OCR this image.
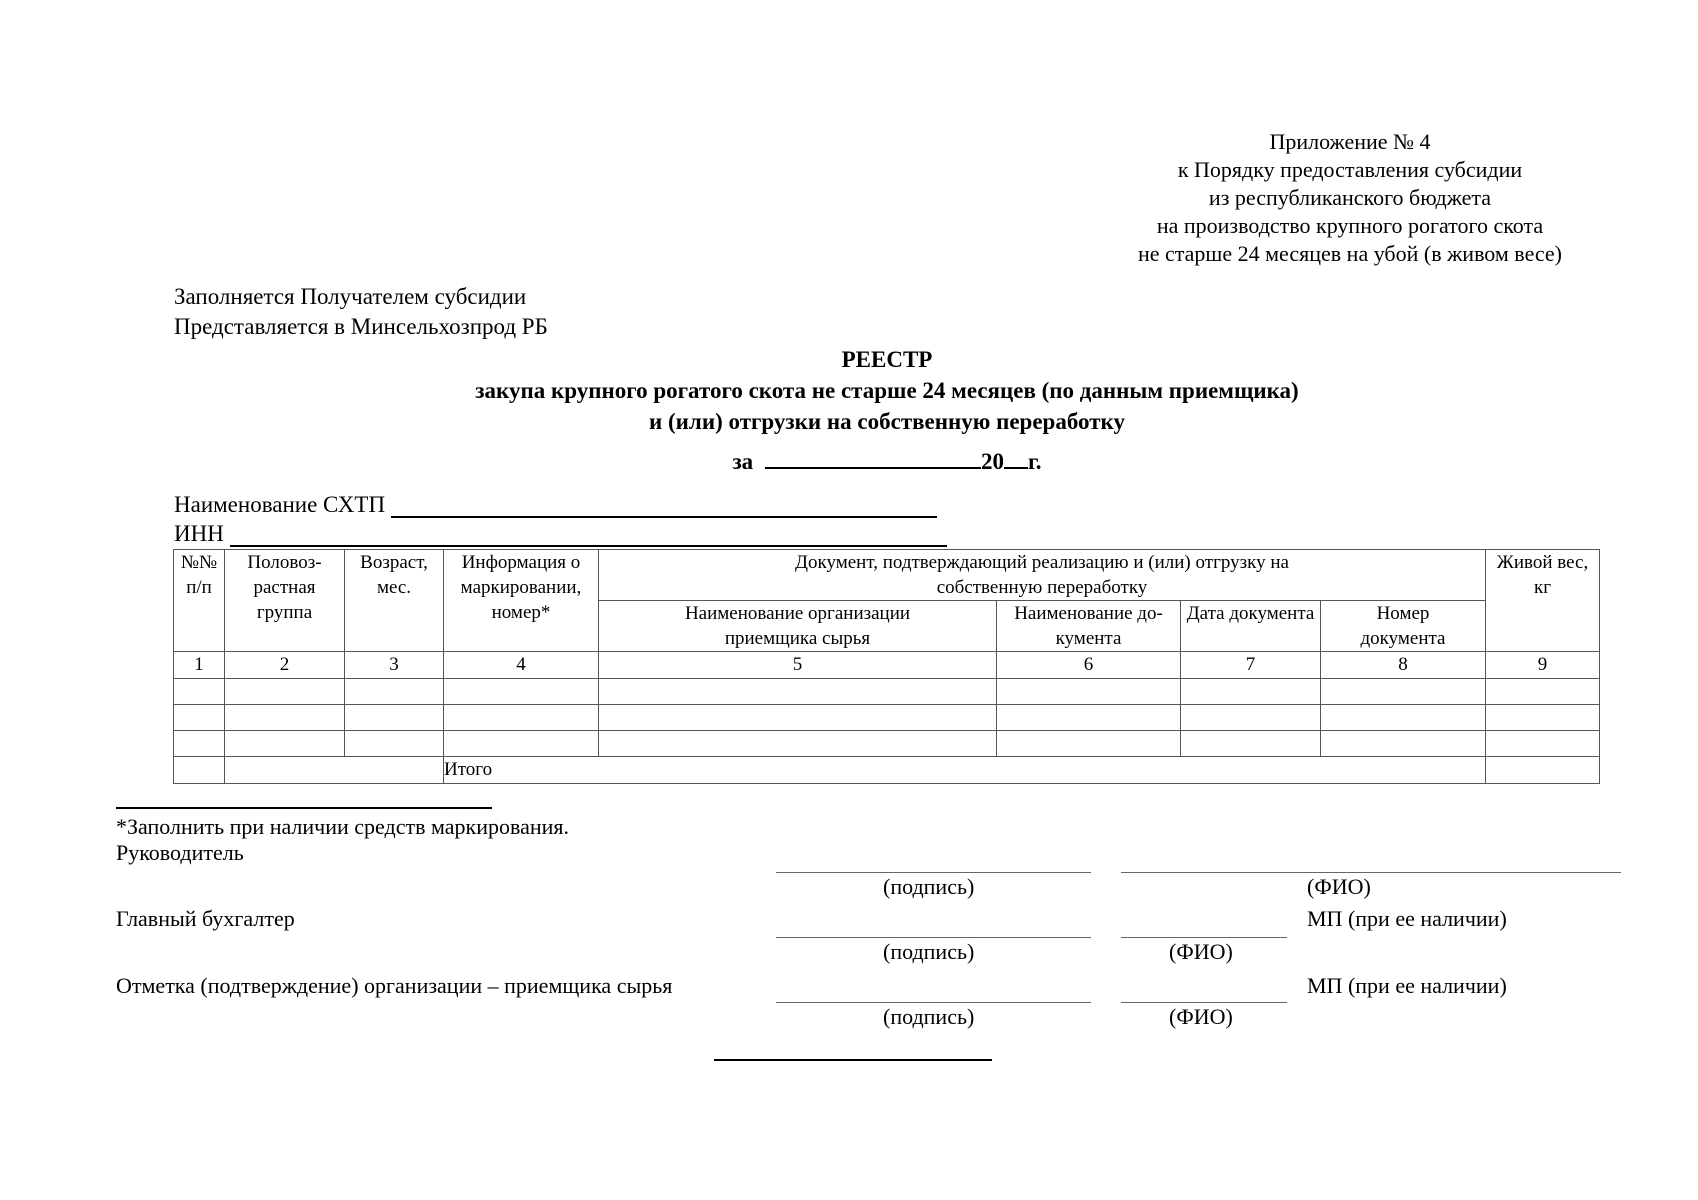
Приложение № 4
к Порядку предоставления субсидии
из республиканского бюджета
на производство крупного рогатого скота
не старше 24 месяцев на убой (в живом весе)
Заполняется Получателем субсидии
Представляется в Минсельхозпрод РБ
РЕЕСТР
закупа крупного рогатого скота не старше 24 месяцев (по данным приемщика)
и (или) отгрузки на собственную переработку
за	20 г.
Наименование СХТП
ИНН
№№ п/п	Половоз-растная группа	Возраст, мес.	Информация о маркировании, номер*	Документ, подтверждающий реализацию и (или) отгрузку на собственную переработку				Живой вес, кг
				Наименование организации приемщика сырья	Наименование до-кумента	Дата документа	Номер документа	
1	2	3	4	5	6	7	8	9

			Итого					
*Заполнить при наличии средств маркирования.
Руководитель
(подпись)	(ФИО)
Главный бухгалтер	МП (при ее наличии)
(подпись)	(ФИО)
Отметка (подтверждение) организации – приемщика сырья	МП (при ее наличии)
(подпись)	(ФИО)
